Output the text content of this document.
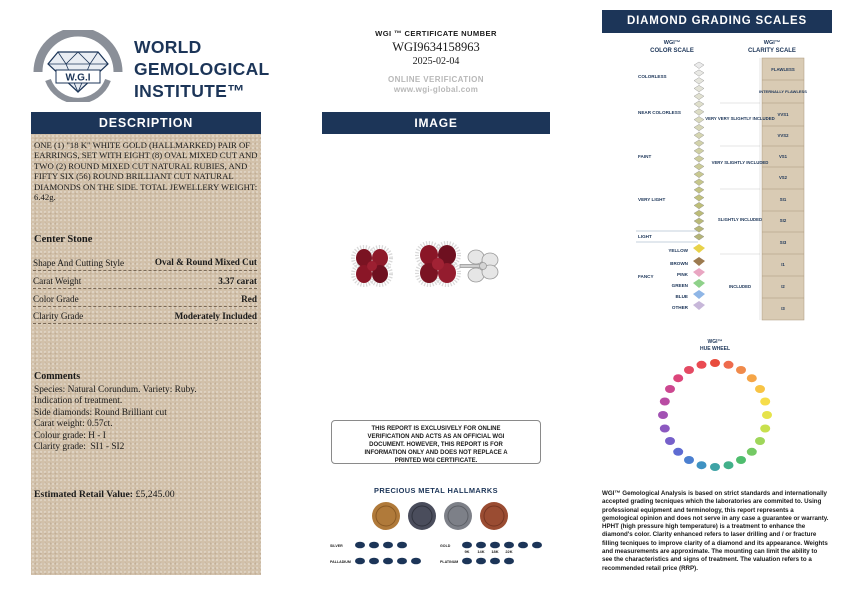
W.G.I
WORLD
GEMOLOGICAL
INSTITUTE™
DESCRIPTION
ONE (1) "18 K" WHITE GOLD (HALLMARKED) PAIR OF EARRINGS, SET WITH EIGHT (8) OVAL MIXED CUT AND TWO (2) ROUND MIXED CUT NATURAL RUBIES, AND FIFTY SIX (56) ROUND BRILLIANT CUT NATURAL DIAMONDS ON THE SIDE. TOTAL JEWELLERY WEIGHT: 6.42g.
Center Stone
Shape And Cutting Style	Oval & Round Mixed Cut
Carat Weight	3.37 carat
Color Grade	Red
Clarity Grade	Moderately Included
Comments
Species: Natural Corundum. Variety: Ruby.
Indication of treatment.
Side diamonds: Round Brilliant cut
Carat weight: 0.57ct.
Colour grade: H - I
Clarity grade:  SI1 - SI2
Estimated Retail Value: £5,245.00
WGI ™ CERTIFICATE NUMBER
WGI9634158963
2025-02-04
ONLINE VERIFICATION
www.wgi-global.com
IMAGE
THIS REPORT IS EXCLUSIVELY FOR ONLINE
VERIFICATION AND ACTS AS AN OFFICIAL WGI
DOCUMENT. HOWEVER, THIS REPORT IS FOR
INFORMATION ONLY AND DOES NOT REPLACE A
PRINTED WGI CERTIFICATE.
PRECIOUS METAL HALLMARKS
SILVER
PALLADIUM
GOLD
PLATINUM
9K 14K 18K 22K
DIAMOND GRADING SCALES
WGI™
COLOR SCALE
WGI™
CLARITY SCALE
COLORLESS
NEAR COLORLESS
FAINT
VERY LIGHT
LIGHT
FANCY
YELLOW
BROWN
PINK
GREEN
BLUE
OTHER
VERY VERY SLIGHTLY INCLUDED
VERY SLIGHTLY INCLUDED
SLIGHTLY INCLUDED
INCLUDED
FLAWLESS
INTERNALLY FLAWLESS
VVS1
VVS2
VS1
VS2
SI1
SI2
SI3
I1
I2
I3
WGI™
HUE WHEEL
WGI™ Gemological Analysis is based on strict standards and internationally
accepted grading tecniques which the laboratories are commited to. Using
professional equipment and terminology, this report represents a
gemological opinion and does not serve in any case a guarantee or warranty.
HPHT (high pressure high temperature) is a treatment to enhance the
diamond's color. Clarity enhanced refers to laser drilling and / or fracture
filling tecniques to improve clarity of a diamond and its appearance. Weights
and measurements are approximate. The mounting can limit the ability to
see the characteristics and signs of treatment. The valuation refers to a
recommended retail price (RRP).
